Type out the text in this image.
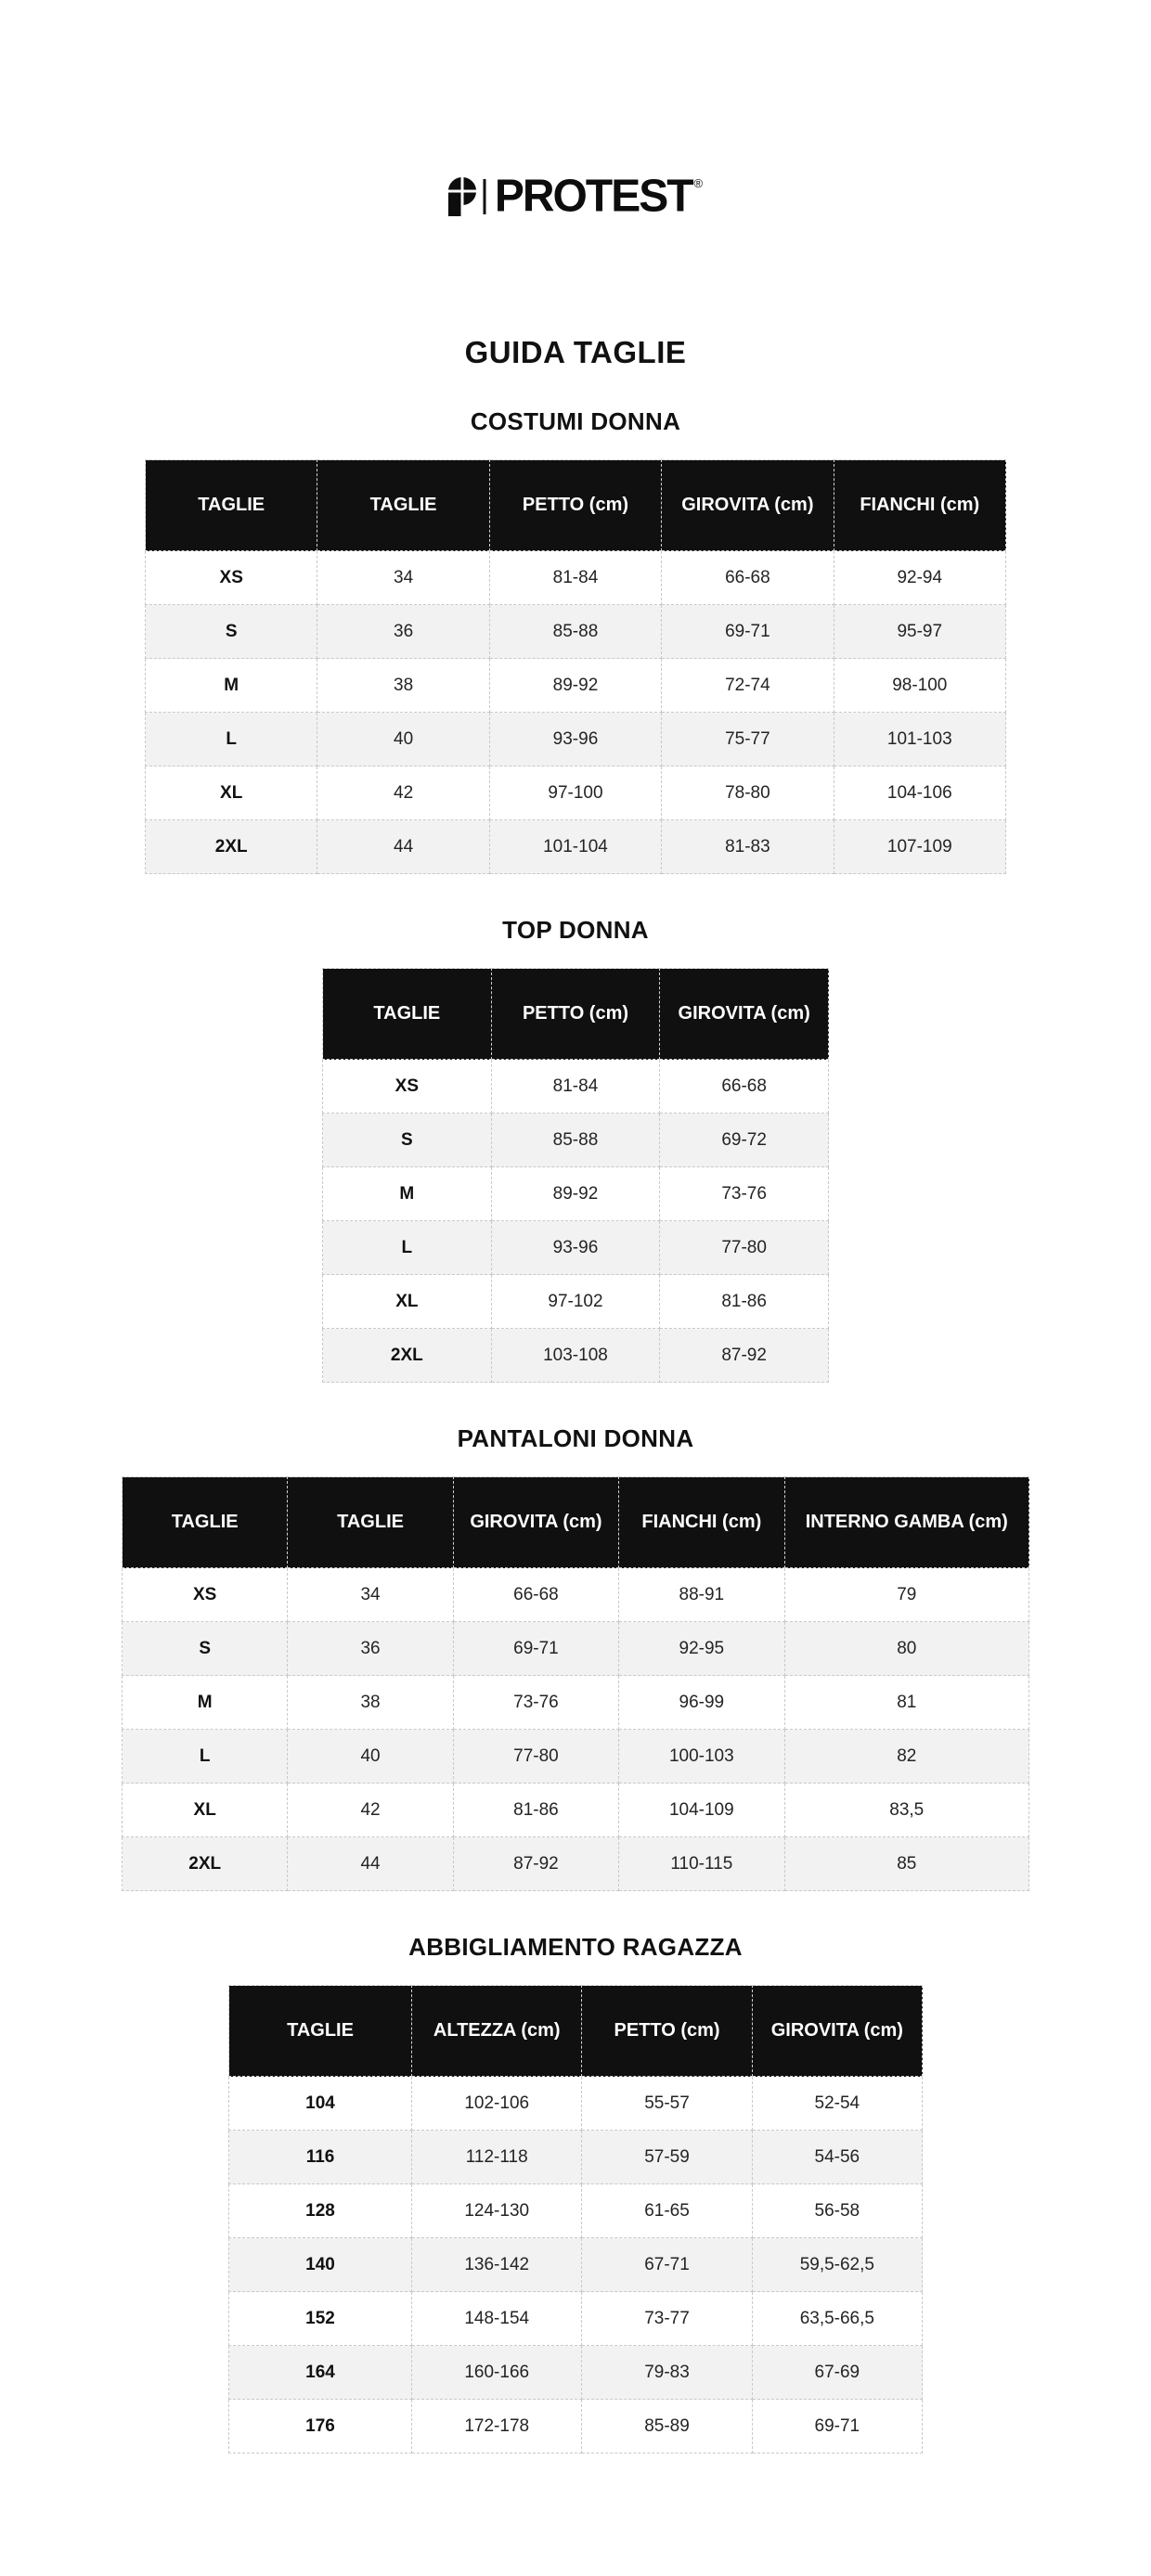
PROTEST ®
GUIDA TAGLIE
COSTUMI DONNA
TAGLIE	TAGLIE	PETTO (cm)	GIROVITA (cm)	FIANCHI (cm)
XS	34	81-84	66-68	92-94
S	36	85-88	69-71	95-97
M	38	89-92	72-74	98-100
L	40	93-96	75-77	101-103
XL	42	97-100	78-80	104-106
2XL	44	101-104	81-83	107-109
TOP DONNA
TAGLIE	PETTO (cm)	GIROVITA (cm)
XS	81-84	66-68
S	85-88	69-72
M	89-92	73-76
L	93-96	77-80
XL	97-102	81-86
2XL	103-108	87-92
PANTALONI DONNA
TAGLIE	TAGLIE	GIROVITA (cm)	FIANCHI (cm)	INTERNO GAMBA (cm)
XS	34	66-68	88-91	79
S	36	69-71	92-95	80
M	38	73-76	96-99	81
L	40	77-80	100-103	82
XL	42	81-86	104-109	83,5
2XL	44	87-92	110-115	85
ABBIGLIAMENTO RAGAZZA
TAGLIE	ALTEZZA (cm)	PETTO (cm)	GIROVITA (cm)
104	102-106	55-57	52-54
116	112-118	57-59	54-56
128	124-130	61-65	56-58
140	136-142	67-71	59,5-62,5
152	148-154	73-77	63,5-66,5
164	160-166	79-83	67-69
176	172-178	85-89	69-71
